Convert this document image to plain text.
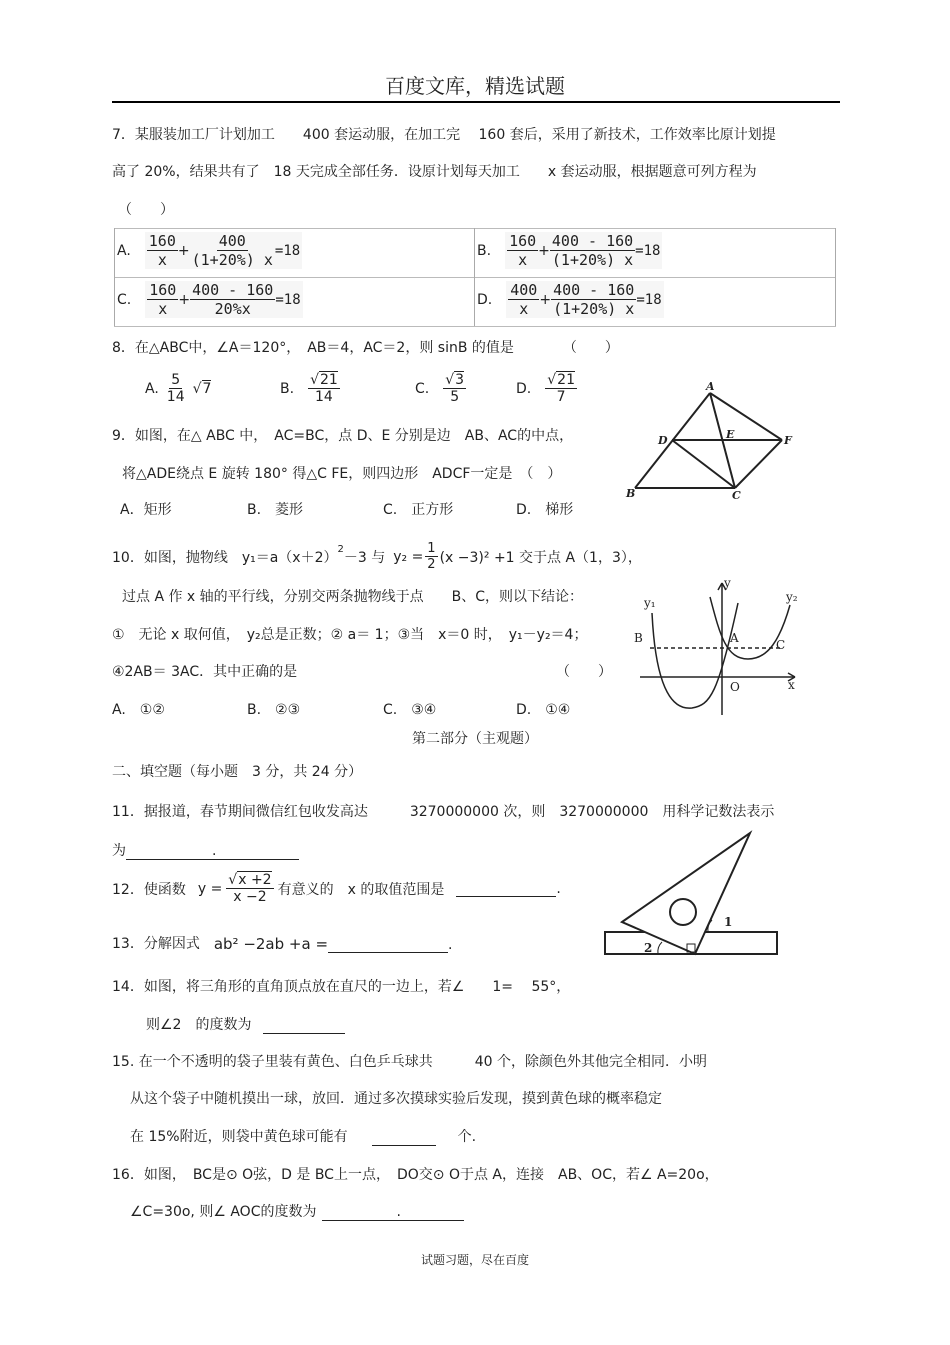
百度文库，精选试题
7．某服装加工厂计划加工　　400 套运动服，在加工完　 160 套后，采用了新技术，工作效率比原计划提
高了 20%，结果共有了　18 天完成全部任务．设原计划每天加工　　x 套运动服，根据题意可列方程为
（　　）
A. $\frac{160}{x} + \frac{400}{(1+20\%) x} =18$	B. $\frac{160}{x} + \frac{400 - 160}{(1+20\%) x} =18$
C. $\frac{160}{x} + \frac{400 - 160}{20\%x} =18$	D. $\frac{400}{x} + \frac{400 - 160}{(1+20\%) x} =18$
8．在△ABC中，∠A＝120°，　AB＝4，AC＝2，则 sinB 的值是　　　　（　　）
A. $\frac{5}{14} √7$	B. $\frac{√21}{14}$	C. $\frac{√3}{5}$	D. $\frac{√21}{7}$
9．如图，在△ ABC 中，　AC=BC，点 D、E 分别是边　AB、AC的中点，
将△ADE绕点 E 旋转 180° 得△C FE，则四边形　ADCF一定是　（　）
A．矩形	B.　菱形	C.　正方形	D.　梯形
A
D	E	F
B	C
10．如图，抛物线　y₁＝a（x＋2） 2 －3 与 $y_2 = \frac{1}{2} (x -3)^2 +1$ 交于点 A（1，3），
过点 A 作 x 轴的平行线，分别交两条抛物线于点　　B、C，则以下结论：
①　无论 x 取何值，　y₂总是正数；② a＝ 1；③当　x＝0 时，　y₁－y₂＝4；
④2AB＝ 3AC．其中正确的是	（　　）
A.　①②	B.　②③	C.　③④	D.　①④
y₁
y
y₂
B	A	C
O	x
第二部分（主观题）
二、填空题（每小题　3 分，共 24 分）
11．据报道，春节期间微信红包收发高达　　　3270000000 次，则　3270000000　用科学记数法表示
为	.
12．使函数 $y = \frac{√x +2}{x -2}$ 有意义的　x 的取值范围是	.
13．分解因式 ab² −2ab +a =	.
1
2
14．如图，将三角形的直角顶点放在直尺的一边上，若∠　　1=　 55°，
则∠2　的度数为
15. 在一个不透明的袋子里装有黄色、白色乒乓球共　　　40 个，除颜色外其他完全相同．小明
从这个袋子中随机摸出一球，放回．通过多次摸球实验后发现，摸到黄色球的概率稳定
在 15%附近，则袋中黄色球可能有	个.
16．如图，　BC是⊙ O弦，D 是 BC上一点，　DO交⊙ O于点 A，连接　AB、OC，若∠ A=20o，
∠C=30o, 则∠ AOC的度数为	.
试题习题，尽在百度
